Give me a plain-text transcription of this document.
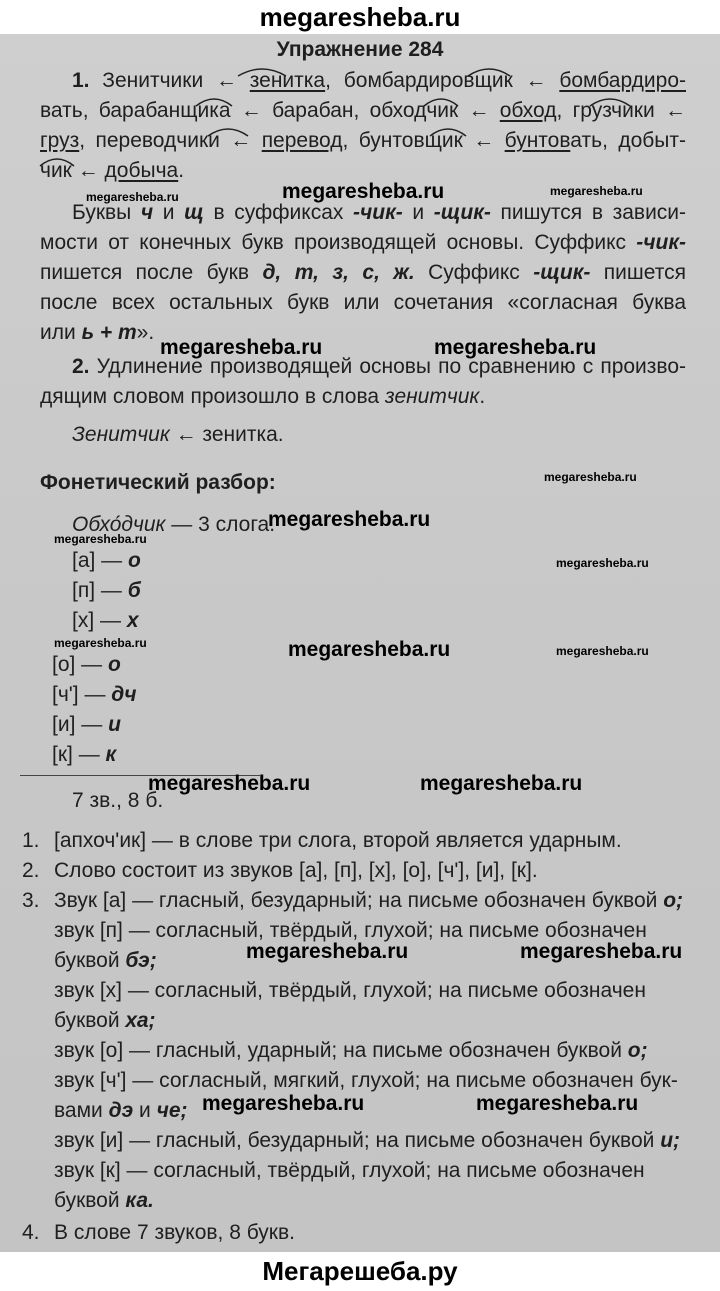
megaresheba.ru
Упражнение 284
1. Зенитчики ← зенитка, бомбардировщик ← бомбардиро-
вать, барабанщика ← барабан, обходчик ← обход, грузчики ←
груз, переводчики ← перевод, бунтовщик ← бунтовать, добыт-
чик ← добыча.
Буквы ч и щ в суффиксах -чик- и -щик- пишутся в зависи-
мости от конечных букв производящей основы. Суффикс -чик-
пишется после букв д, т, з, с, ж. Суффикс -щик- пишется
после всех остальных букв или сочетания «согласная буква
или ь + т».
2. Удлинение производящей основы по сравнению с произво-
дящим словом произошло в слова зенитчик.
Зенитчик ← зенитка.
Фонетический разбор:
Обхо́дчик — 3 слога.
[а] — о
[п] — б
[х] — х
[о] — о
[ч'] — дч
[и] — и
[к] — к
7 зв., 8 б.
1. [апхоч'ик] — в слове три слога, второй является ударным.
2. Слово состоит из звуков [а], [п], [х], [о], [ч'], [и], [к].
3. Звук [а] — гласный, безударный; на письме обозначен буквой о;
звук [п] — согласный, твёрдый, глухой; на письме обозначен
буквой бэ;
звук [х] — согласный, твёрдый, глухой; на письме обозначен
буквой ха;
звук [о] — гласный, ударный; на письме обозначен буквой о;
звук [ч'] — согласный, мягкий, глухой; на письме обозначен бук-
вами дэ и че;
звук [и] — гласный, безударный; на письме обозначен буквой и;
звук [к] — согласный, твёрдый, глухой; на письме обозначен
буквой ка.
4. В слове 7 звуков, 8 букв.
megaresheba.ru	megaresheba.ru	megaresheba.ru
megaresheba.ru	megaresheba.ru
megaresheba.ru
megaresheba.ru
megaresheba.ru
megaresheba.ru
megaresheba.ru	megaresheba.ru	megaresheba.ru
megaresheba.ru	megaresheba.ru
megaresheba.ru	megaresheba.ru
megaresheba.ru	megaresheba.ru
Мегарешеба.ру
